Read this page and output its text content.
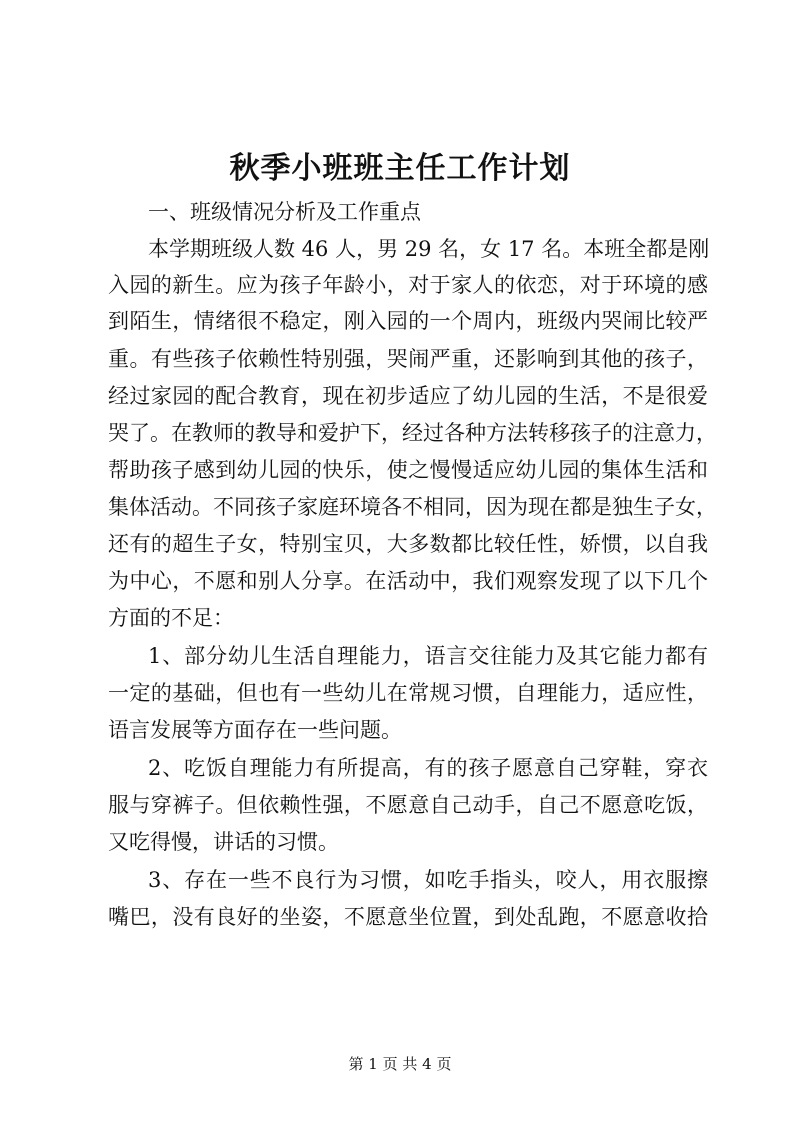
秋季小班班主任工作计划

一、班级情况分析及工作重点

本学期班级人数 46 人，男 29 名，女 17 名。本班全都是刚

入园的新生。应为孩子年龄小，对于家人的依恋，对于环境的感

到陌生，情绪很不稳定，刚入园的一个周内，班级内哭闹比较严

重。有些孩子依赖性特别强，哭闹严重，还影响到其他的孩子，

经过家园的配合教育，现在初步适应了幼儿园的生活，不是很爱

哭了。在教师的教导和爱护下，经过各种方法转移孩子的注意力，

帮助孩子感到幼儿园的快乐，使之慢慢适应幼儿园的集体生活和

集体活动。不同孩子家庭环境各不相同，因为现在都是独生子女，

还有的超生子女，特别宝贝，大多数都比较任性，娇惯，以自我

为中心，不愿和别人分享。在活动中，我们观察发现了以下几个

方面的不足：

1、部分幼儿生活自理能力，语言交往能力及其它能力都有

一定的基础，但也有一些幼儿在常规习惯，自理能力，适应性，

语言发展等方面存在一些问题。

2、吃饭自理能力有所提高，有的孩子愿意自己穿鞋，穿衣

服与穿裤子。但依赖性强，不愿意自己动手，自己不愿意吃饭，

又吃得慢，讲话的习惯。

3、存在一些不良行为习惯，如吃手指头，咬人，用衣服擦

嘴巴，没有良好的坐姿，不愿意坐位置，到处乱跑，不愿意收拾

第 1 页 共 4 页
